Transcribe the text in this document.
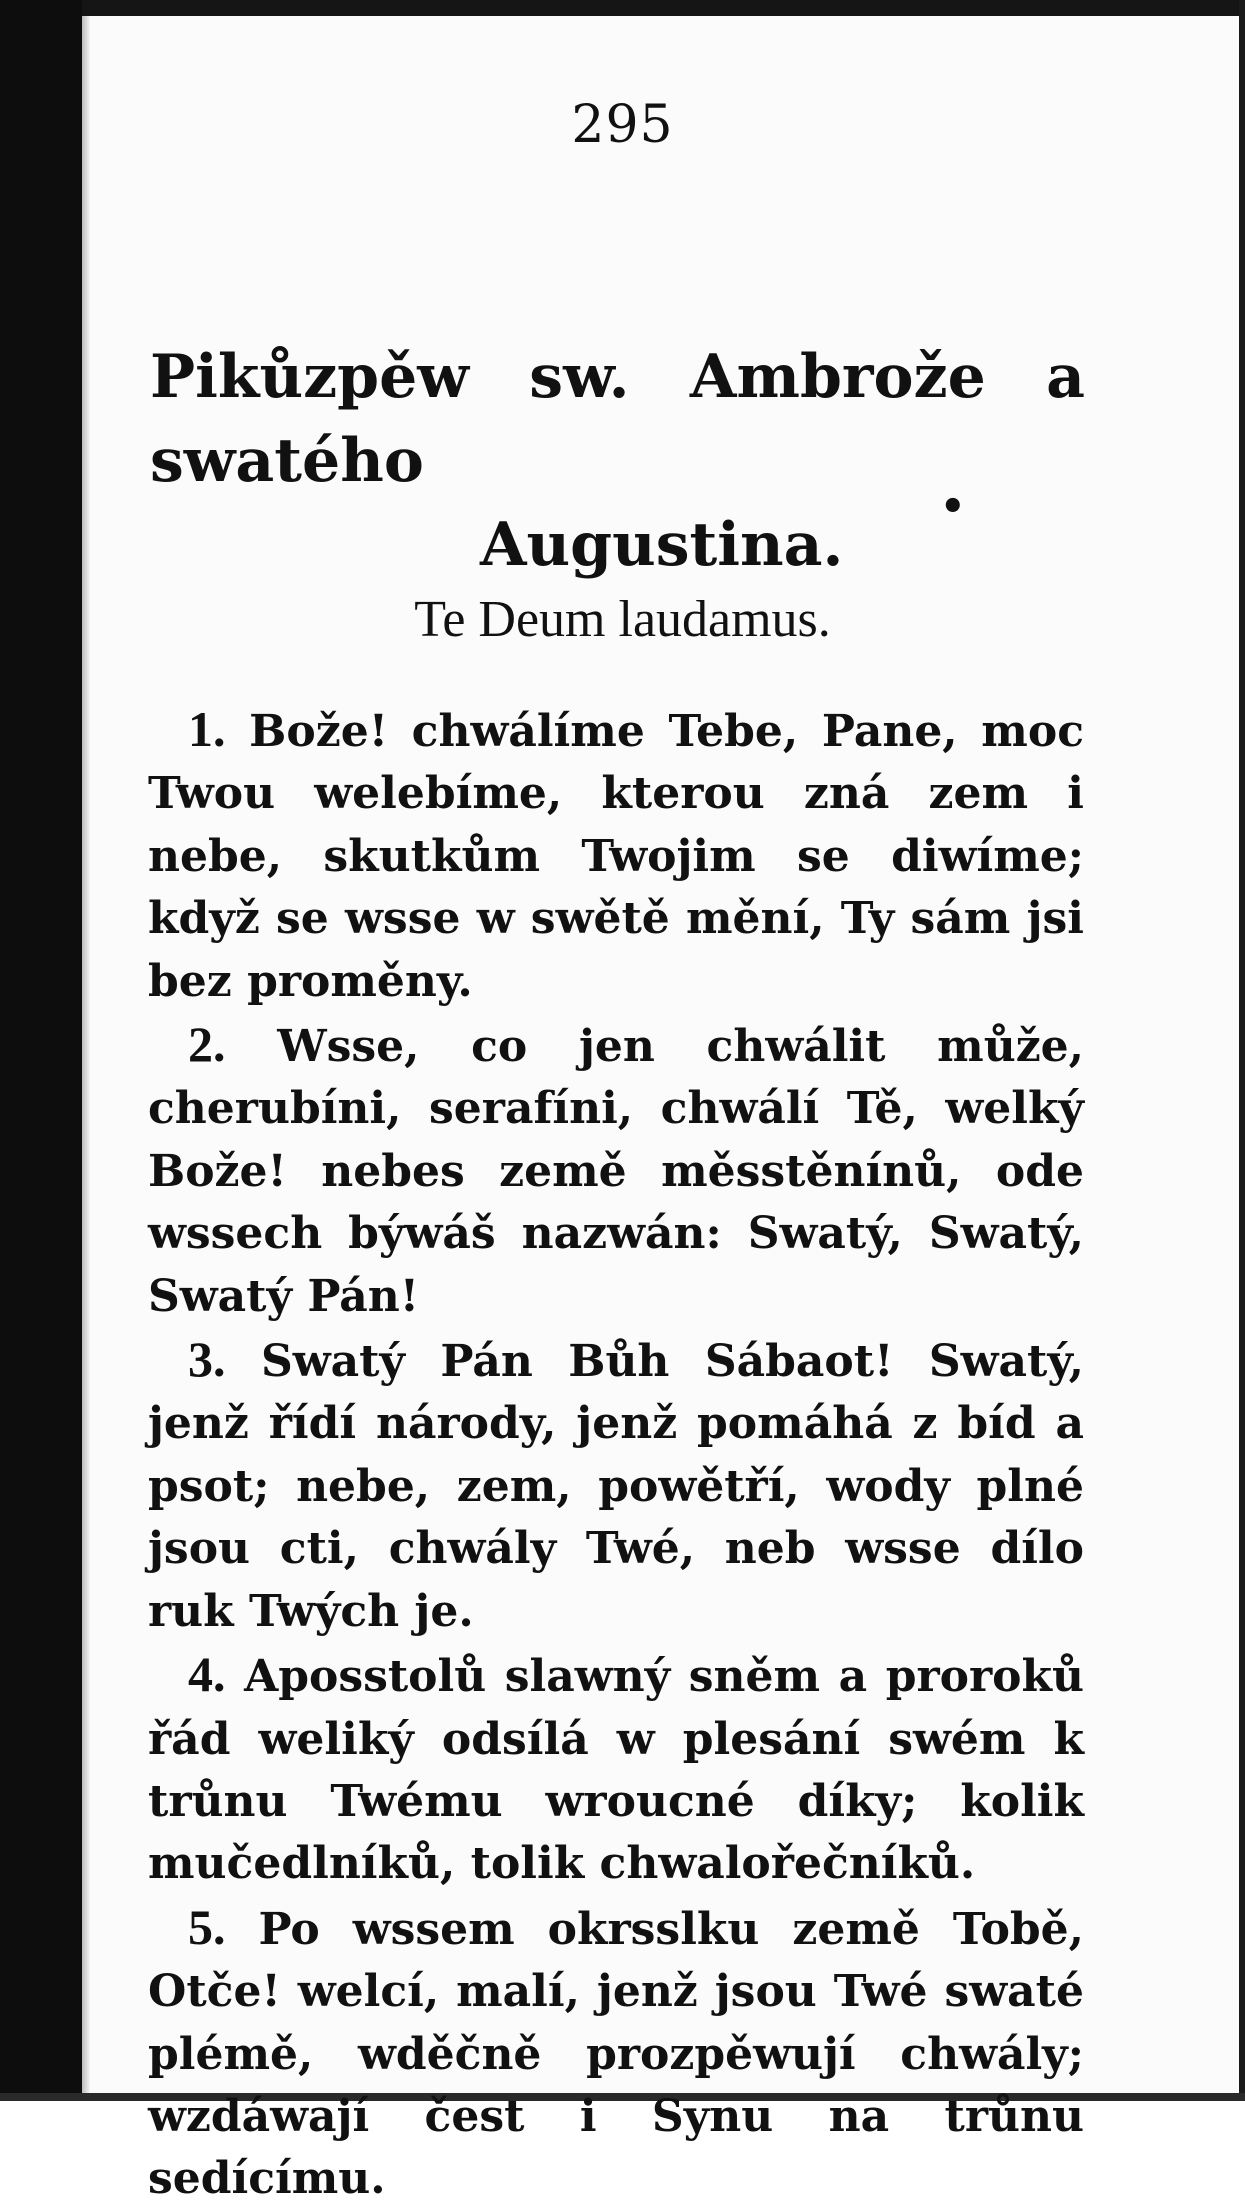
295
Pikůzpěw sw. Ambrože a swatého
Augustina.
•
Te Deum laudamus.

1. Bože! chwálíme Tebe, Pane, moc Twou welebíme, kterou zná zem i nebe, skutkům Twojim se diwíme; když se wsse w swětě mění, Ty sám jsi bez proměny.

2. Wsse, co jen chwálit může, cherubíni, serafíni, chwálí Tě, welký Bože! nebes země měsstěnínů, ode wssech býwáš nazwán: Swatý, Swatý, Swatý Pán!

3. Swatý Pán Bůh Sábaot! Swatý, jenž řídí národy, jenž pomáhá z bíd a psot; nebe, zem, powětří, wody plné jsou cti, chwály Twé, neb wsse dílo ruk Twých je.

4. Aposstolů slawný sněm a proroků řád weliký odsílá w plesání swém k trůnu Twému wroucné díky; kolik mučedlníků, tolik chwalořečníků.

5. Po wssem okrsslku země Tobě, Otče! welcí, malí, jenž jsou Twé swaté plémě, wděčně prozpěwují chwály; wzdáwají čest i Synu na trůnu sedícímu.
